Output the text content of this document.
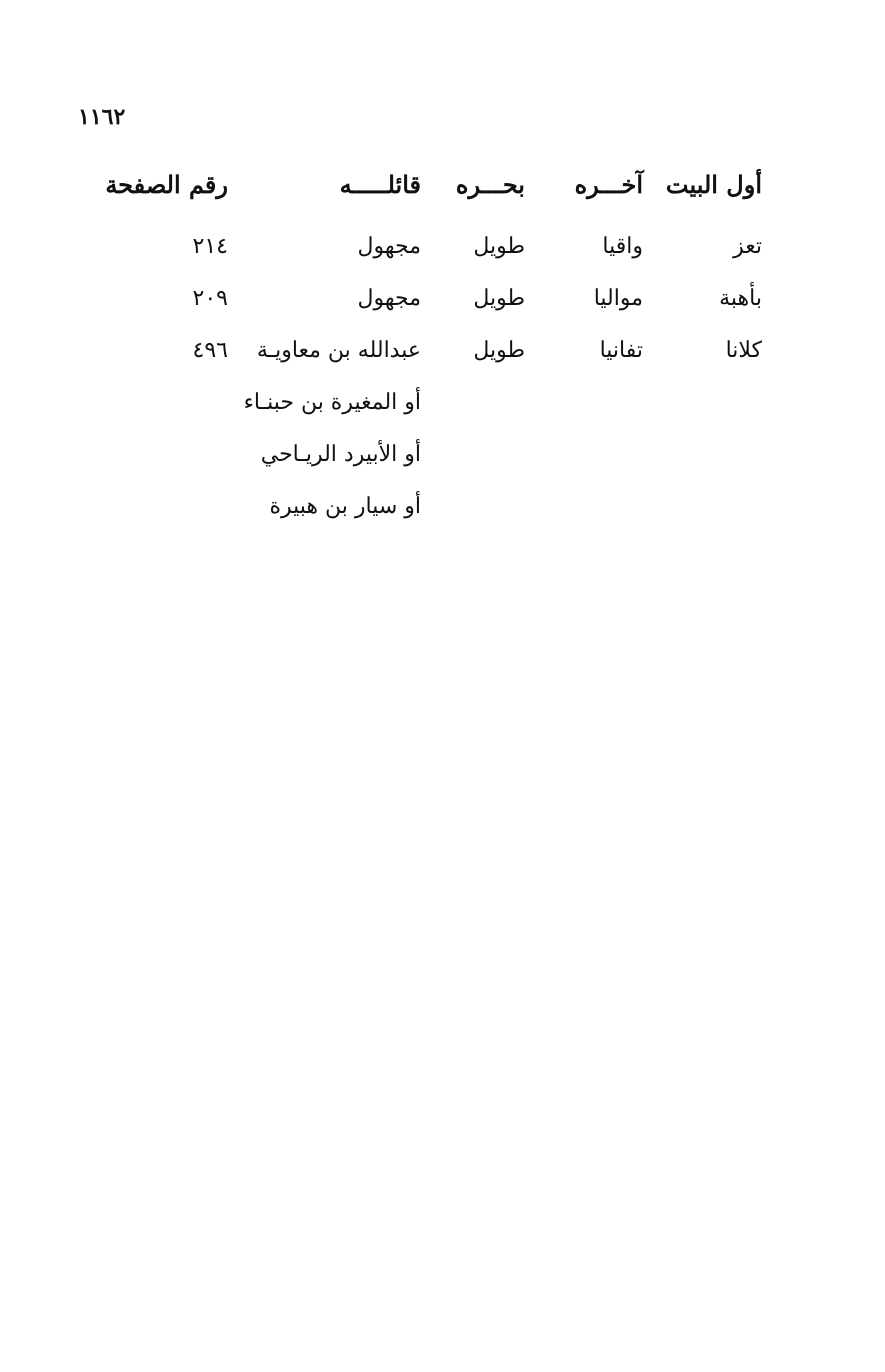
١١٦٢
أول البيت
آخـــره
بحـــره
قائلـــــه
رقم الصفحة
تعز
واقيا
طويل
مجهول
٢١٤
بأهبة
مواليا
طويل
مجهول
٢٠٩
كلانا
تفانيا
طويل
عبدالله بن معاويـة
٤٩٦
أو المغيرة بن حبنـاء
أو الأبيرد الريـاحي
أو سيار بن هبيرة
